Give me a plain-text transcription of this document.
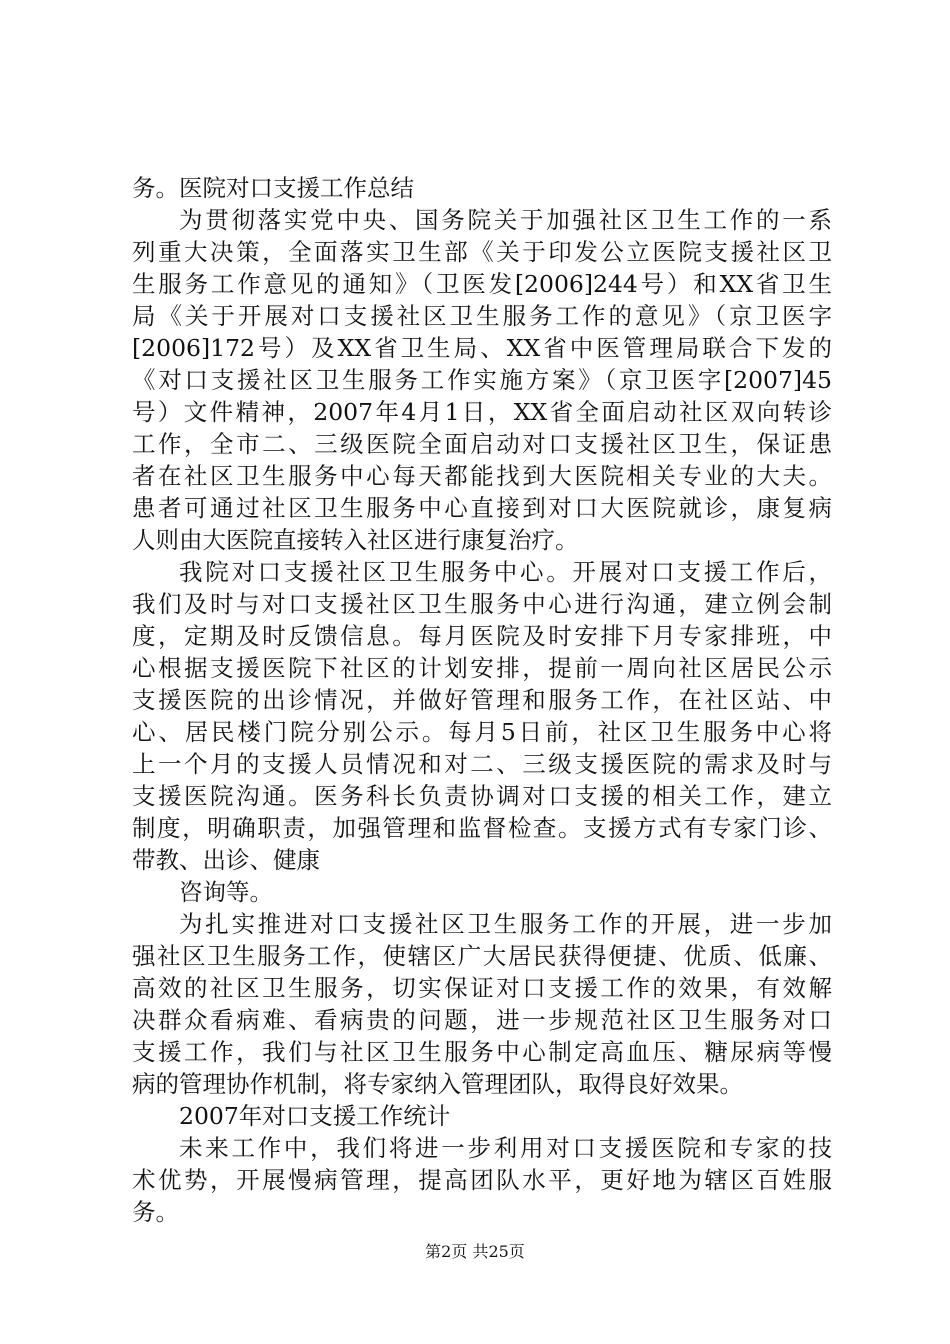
务。医院对口支援工作总结
为贯彻落实党中央、国务院关于加强社区卫生工作的一系
列重大决策，全面落实卫生部《关于印发公立医院支援社区卫
生服务工作意见的通知》（卫医发[2006]244号）和XX省卫生
局《关于开展对口支援社区卫生服务工作的意见》（京卫医字
[2006]172号）及XX省卫生局、XX省中医管理局联合下发的
《对口支援社区卫生服务工作实施方案》（京卫医字[2007]45
号）文件精神，2007年4月1日，XX省全面启动社区双向转诊
工作，全市二、三级医院全面启动对口支援社区卫生，保证患
者在社区卫生服务中心每天都能找到大医院相关专业的大夫。
患者可通过社区卫生服务中心直接到对口大医院就诊，康复病
人则由大医院直接转入社区进行康复治疗。
我院对口支援社区卫生服务中心。开展对口支援工作后，
我们及时与对口支援社区卫生服务中心进行沟通，建立例会制
度，定期及时反馈信息。每月医院及时安排下月专家排班，中
心根据支援医院下社区的计划安排，提前一周向社区居民公示
支援医院的出诊情况，并做好管理和服务工作，在社区站、中
心、居民楼门院分别公示。每月5日前，社区卫生服务中心将
上一个月的支援人员情况和对二、三级支援医院的需求及时与
支援医院沟通。医务科长负责协调对口支援的相关工作，建立
制度，明确职责，加强管理和监督检查。支援方式有专家门诊、
带教、出诊、健康
咨询等。
为扎实推进对口支援社区卫生服务工作的开展，进一步加
强社区卫生服务工作，使辖区广大居民获得便捷、优质、低廉、
高效的社区卫生服务，切实保证对口支援工作的效果，有效解
决群众看病难、看病贵的问题，进一步规范社区卫生服务对口
支援工作，我们与社区卫生服务中心制定高血压、糖尿病等慢
病的管理协作机制，将专家纳入管理团队，取得良好效果。
2007年对口支援工作统计
未来工作中，我们将进一步利用对口支援医院和专家的技
术优势，开展慢病管理，提高团队水平，更好地为辖区百姓服
务。
第2页 共25页
